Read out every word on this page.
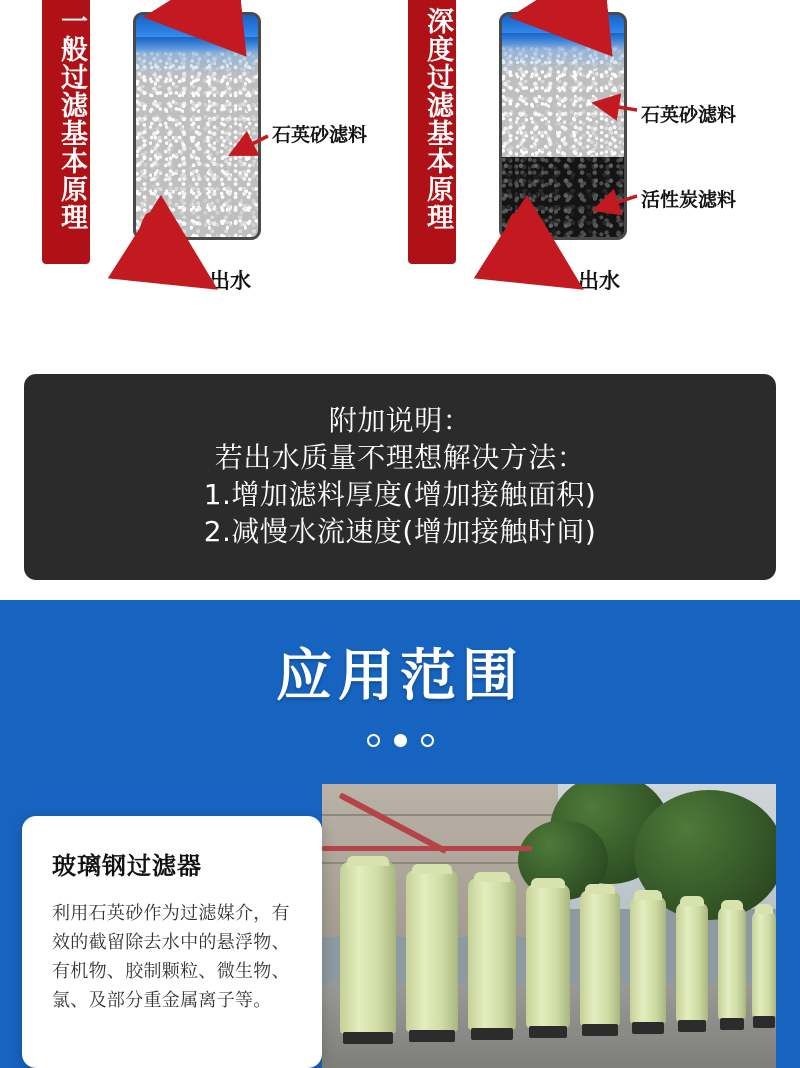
一般过滤基本原理	石英砂滤料
出水
深度过滤基本原理	石英砂滤料
活性炭滤料
出水
附加说明：
若出水质量不理想解决方法：
1.增加滤料厚度(增加接触面积)
2.减慢水流速度(增加接触时间)
应用范围
玻璃钢过滤器
利用石英砂作为过滤媒介，有效的截留除去水中的悬浮物、有机物、胶制颗粒、微生物、氯、及部分重金属离子等。
